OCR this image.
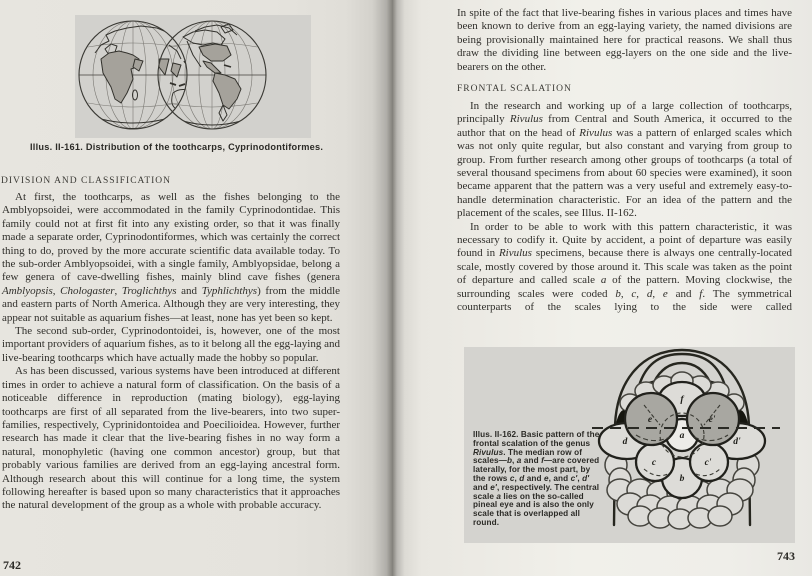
Illus. II-161. Distribution of the toothcarps, Cyprinodontiformes.
DIVISION AND CLASSIFICATION

At first, the toothcarps, as well as the fishes belonging to the Amblyopsoidei, were accommodated in the family Cyprinodontidae. This family could not at first fit into any existing order, so that it was finally made a separate order, Cyprinodontiformes, which was certainly the correct thing to do, proved by the more accurate scientific data available today. To the sub-order Amblyopsoidei, with a single family, Amblyopsidae, belong a few genera of cave-dwelling fishes, mainly blind cave fishes (genera Amblyopsis, Chologaster, Troglichthys and Typhlichthys) from the middle and eastern parts of North America. Although they are very interesting, they appear not suitable as aquarium fishes—at least, none has yet been so kept.

The second sub-order, Cyprinodontoidei, is, however, one of the most important providers of aquarium fishes, as to it belong all the egg-laying and live-bearing toothcarps which have actually made the hobby so popular.

As has been discussed, various systems have been introduced at different times in order to achieve a natural form of classification. On the basis of a noticeable difference in reproduction (mating biology), egg-laying toothcarps are first of all separated from the live-bearers, into two super-families, respectively, Cyprinidontoidea and Poecilioidea. However, further research has made it clear that the live-bearing fishes in no way form a natural, monophyletic (having one common ancestor) group, but that probably various families are derived from an egg-laying ancestral form. Although research about this will continue for a long time, the system following hereafter is based upon so many characteristics that it approaches the natural development of the group as a whole with probable accuracy.

742

In spite of the fact that live-bearing fishes in various places and times have been known to derive from an egg-laying variety, the named divisions are being provisionally maintained here for practical reasons. We shall thus draw the dividing line between egg-layers on the one side and the live-bearers on the other.

FRONTAL SCALATION

In the research and working up of a large collection of toothcarps, principally Rivulus from Central and South America, it occurred to the author that on the head of Rivulus was a pattern of enlarged scales which was not only quite regular, but also constant and varying from group to group. From further research among other groups of toothcarps (a total of several thousand specimens from about 60 species were examined), it soon became apparent that the pattern was a very useful and extremely easy-to-handle determination characteristic. For an idea of the pattern and the placement of the scales, see Illus. II-162.

In order to be able to work with this pattern characteristic, it was necessary to codify it. Quite by accident, a point of departure was easily found in Rivulus specimens, because there is always one centrally-located scale, mostly covered by those around it. This scale was taken as the point of departure and called scale a of the pattern. Moving clockwise, the surrounding scales were coded b, c, d, e and f. The symmetrical counterparts of the scales lying to the side were called

f
e	e'
a
d	d'
c	c'
b
Illus. II-162. Basic pattern of the frontal scalation of the genus Rivulus. The median row of scales—b, a and f—are covered laterally, for the most part, by the rows c, d and e, and c', d' and e', respectively. The central scale a lies on the so-called pineal eye and is also the only scale that is overlapped all round.
743
